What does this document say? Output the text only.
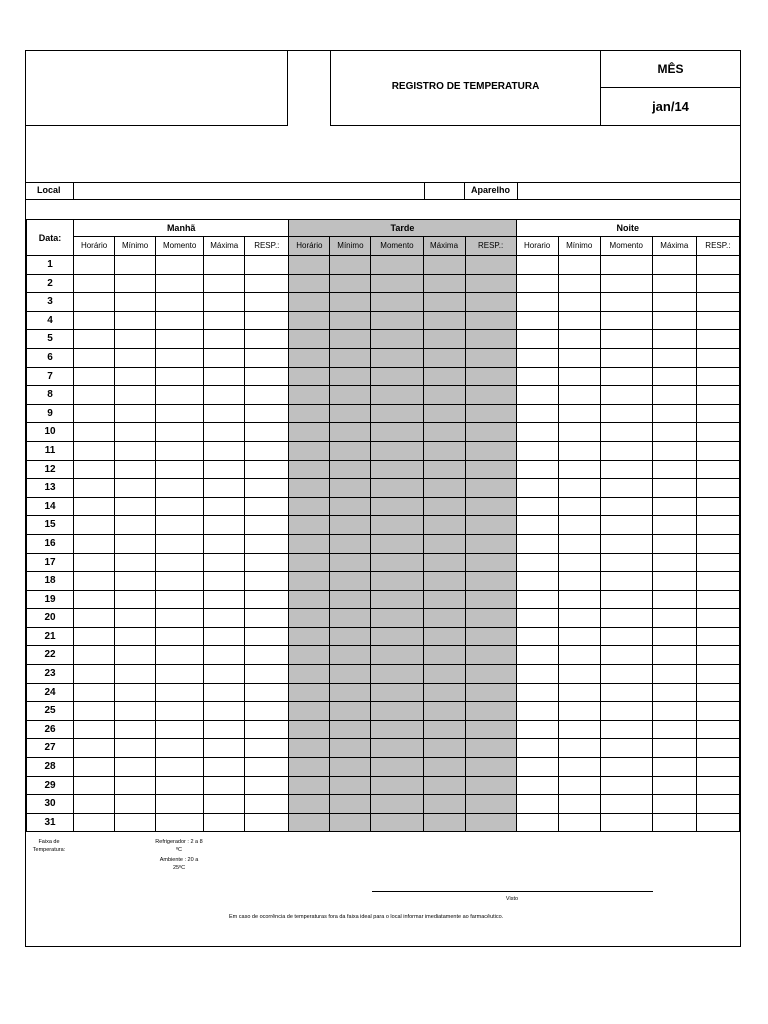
REGISTRO DE TEMPERATURA
MÊS
jan/14
Local	Aparelho
Data:	Manhã					Tarde					Noite				
	Horário	Mínimo	Momento	Máxima	RESP.:	Horário	Mínimo	Momento	Máxima	RESP.:	Horario	Mínimo	Momento	Máxima	RESP.:
1															
2															
3															
4															
5															
6															
7															
8															
9															
10															
11															
12															
13															
14															
15															
16															
17															
18															
19															
20															
21															
22															
23															
24															
25															
26															
27															
28															
29															
30															
31															
Faixa de Temperatura:
Refrigerador : 2 a 8 ºC
Ambiente : 20 a 25ºC
Visto
Em caso de ocorrência de temperaturas fora da faixa ideal para o local informar imediatamente ao farmacêutico.
